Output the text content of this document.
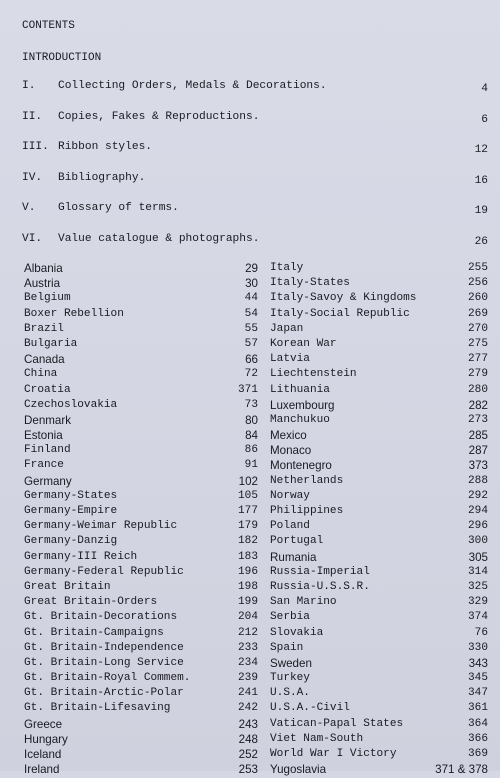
CONTENTS
INTRODUCTION
I. Collecting Orders, Medals & Decorations.	4
II. Copies, Fakes & Reproductions.	6
III. Ribbon styles.	12
IV. Bibliography.	16
V. Glossary of terms.	19
VI. Value catalogue & photographs.	26
Albania	29
Austria	30
Belgium	44
Boxer Rebellion	54
Brazil	55
Bulgaria	57
Canada	66
China	72
Croatia	371
Czechoslovakia	73
Denmark	80
Estonia	84
Finland	86
France	91
Germany	102
Germany-States	105
Germany-Empire	177
Germany-Weimar Republic	179
Germany-Danzig	182
Germany-III Reich	183
Germany-Federal Republic	196
Great Britain	198
Great Britain-Orders	199
Gt. Britain-Decorations	204
Gt. Britain-Campaigns	212
Gt. Britain-Independence	233
Gt. Britain-Long Service	234
Gt. Britain-Royal Commem.	239
Gt. Britain-Arctic-Polar	241
Gt. Britain-Lifesaving	242
Greece	243
Hungary	248
Iceland	252
Ireland	253
Italy	255
Italy-States	256
Italy-Savoy & Kingdoms	260
Italy-Social Republic	269
Japan	270
Korean War	275
Latvia	277
Liechtenstein	279
Lithuania	280
Luxembourg	282
Manchukuo	273
Mexico	285
Monaco	287
Montenegro	373
Netherlands	288
Norway	292
Philippines	294
Poland	296
Portugal	300
Rumania	305
Russia-Imperial	314
Russia-U.S.S.R.	325
San Marino	329
Serbia	374
Slovakia	76
Spain	330
Sweden	343
Turkey	345
U.S.A.	347
U.S.A.-Civil	361
Vatican-Papal States	364
Viet Nam-South	366
World War I Victory	369
Yugoslavia	371 & 378
